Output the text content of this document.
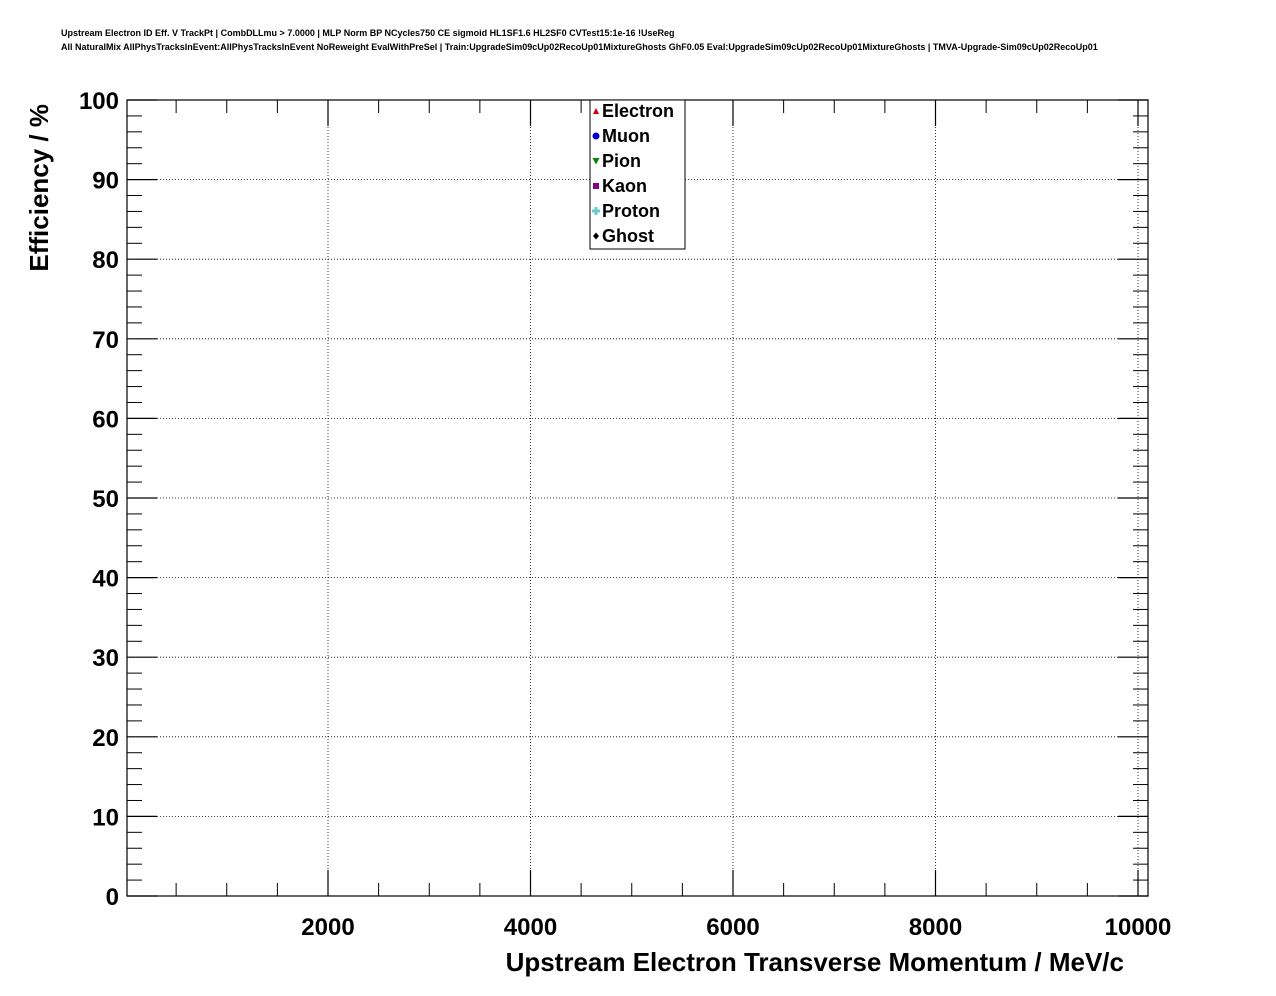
Upstream Electron ID Eff. V TrackPt | CombDLLmu > 7.0000 | MLP Norm BP NCycles750 CE sigmoid HL1SF1.6 HL2SF0 CVTest15:1e-16 !UseReg
All NaturalMix AllPhysTracksInEvent:AllPhysTracksInEvent NoReweight EvalWithPreSel | Train:UpgradeSim09cUp02RecoUp01MixtureGhosts GhF0.05 Eval:UpgradeSim09cUp02RecoUp01MixtureGhosts | TMVA-Upgrade-Sim09cUp02RecoUp01
0
10
20
30
40
50
60
70
80
90
100
2000	4000	6000	8000	10000
Upstream Electron Transverse Momentum / MeV/c
Efficiency / %	Electron
Muon
Pion
Kaon
Proton
Ghost
